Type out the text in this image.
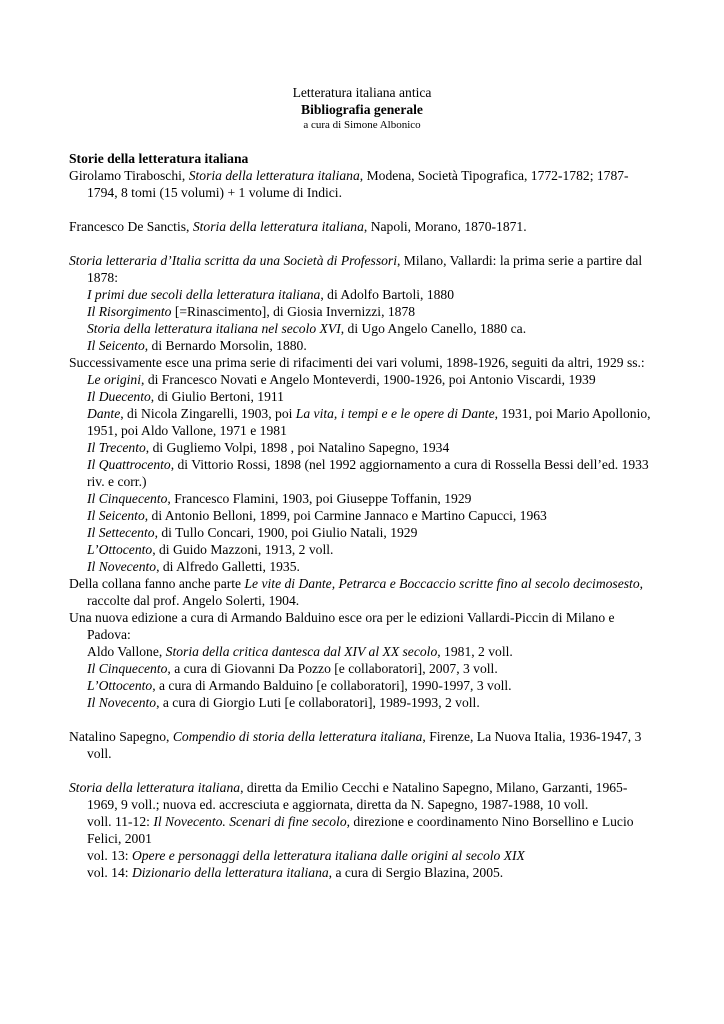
Letteratura italiana antica
Bibliografia generale
a cura di Simone Albonico
Storie della letteratura italiana
Girolamo Tiraboschi, Storia della letteratura italiana, Modena, Società Tipografica, 1772-1782; 1787-1794, 8 tomi (15 volumi) + 1 volume di Indici.
Francesco De Sanctis, Storia della letteratura italiana, Napoli, Morano, 1870-1871.
Storia letteraria d’Italia scritta da una Società di Professori, Milano, Vallardi: la prima serie a partire dal 1878:
I primi due secoli della letteratura italiana, di Adolfo Bartoli, 1880
Il Risorgimento [=Rinascimento], di Giosia Invernizzi, 1878
Storia della letteratura italiana nel secolo XVI, di Ugo Angelo Canello, 1880 ca.
Il Seicento, di Bernardo Morsolin, 1880.
Successivamente esce una prima serie di rifacimenti dei vari volumi, 1898-1926, seguiti da altri, 1929 ss.:
Le origini, di Francesco Novati e Angelo Monteverdi, 1900-1926, poi Antonio Viscardi, 1939
Il Duecento, di Giulio Bertoni, 1911
Dante, di Nicola Zingarelli, 1903, poi La vita, i tempi e e le opere di Dante, 1931, poi Mario Apollonio, 1951, poi Aldo Vallone, 1971 e 1981
Il Trecento, di Gugliemo Volpi, 1898 , poi Natalino Sapegno, 1934
Il Quattrocento, di Vittorio Rossi, 1898 (nel 1992 aggiornamento a cura di Rossella Bessi dell’ed. 1933 riv. e corr.)
Il Cinquecento, Francesco Flamini, 1903, poi Giuseppe Toffanin, 1929
Il Seicento, di Antonio Belloni, 1899, poi Carmine Jannaco e Martino Capucci, 1963
Il Settecento, di Tullo Concari, 1900, poi Giulio Natali, 1929
L’Ottocento, di Guido Mazzoni, 1913, 2 voll.
Il Novecento, di Alfredo Galletti, 1935.
Della collana fanno anche parte Le vite di Dante, Petrarca e Boccaccio scritte fino al secolo decimosesto, raccolte dal prof. Angelo Solerti, 1904.
Una nuova edizione a cura di Armando Balduino esce ora per le edizioni Vallardi-Piccin di Milano e Padova:
Aldo Vallone, Storia della critica dantesca dal XIV al XX secolo, 1981, 2 voll.
Il Cinquecento, a cura di Giovanni Da Pozzo [e collaboratori], 2007, 3 voll.
L’Ottocento, a cura di Armando Balduino [e collaboratori], 1990-1997, 3 voll.
Il Novecento, a cura di Giorgio Luti [e collaboratori], 1989-1993, 2 voll.
Natalino Sapegno, Compendio di storia della letteratura italiana, Firenze, La Nuova Italia, 1936-1947, 3 voll.
Storia della letteratura italiana, diretta da Emilio Cecchi e Natalino Sapegno, Milano, Garzanti, 1965-1969, 9 voll.; nuova ed. accresciuta e aggiornata, diretta da N. Sapegno, 1987-1988, 10 voll.
voll. 11-12: Il Novecento. Scenari di fine secolo, direzione e coordinamento Nino Borsellino e Lucio Felici, 2001
vol. 13: Opere e personaggi della letteratura italiana dalle origini al secolo XIX
vol. 14: Dizionario della letteratura italiana, a cura di Sergio Blazina, 2005.
